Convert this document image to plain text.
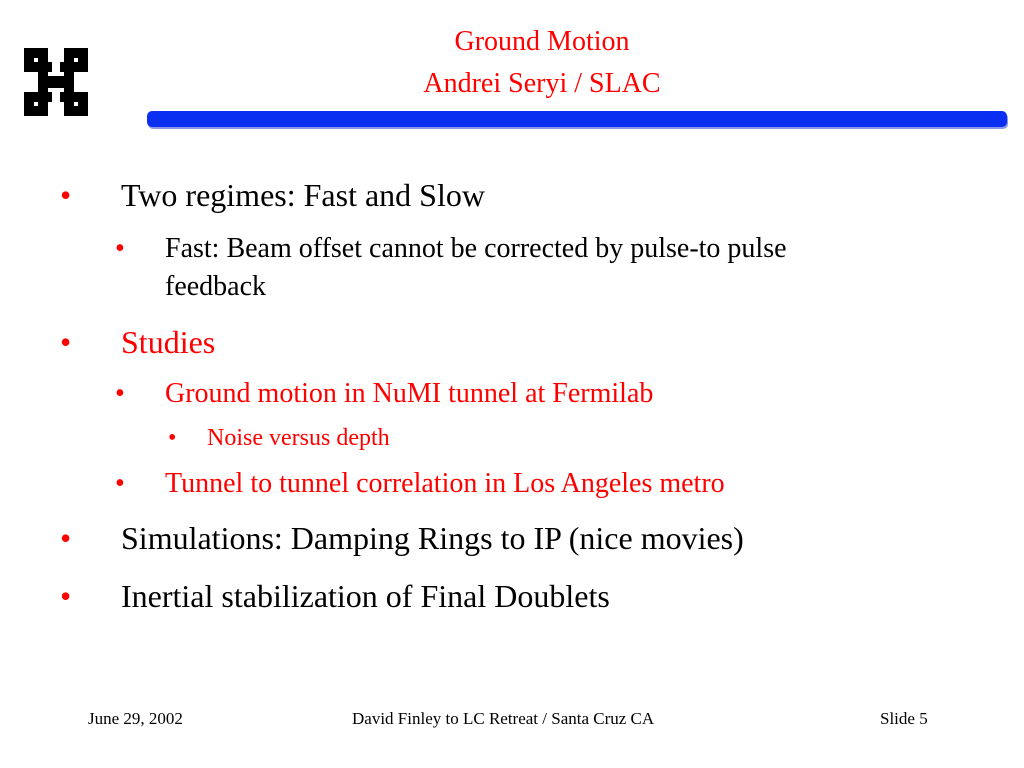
Ground Motion
Andrei Seryi / SLAC
• Two regimes: Fast and Slow
• Fast: Beam offset cannot be corrected by pulse-to pulse
feedback
• Studies
• Ground motion in NuMI tunnel at Fermilab
• Noise versus depth
• Tunnel to tunnel correlation in Los Angeles metro
• Simulations: Damping Rings to IP (nice movies)
• Inertial stabilization of Final Doublets
June 29, 2002	David Finley to LC Retreat / Santa Cruz CA	Slide 5
